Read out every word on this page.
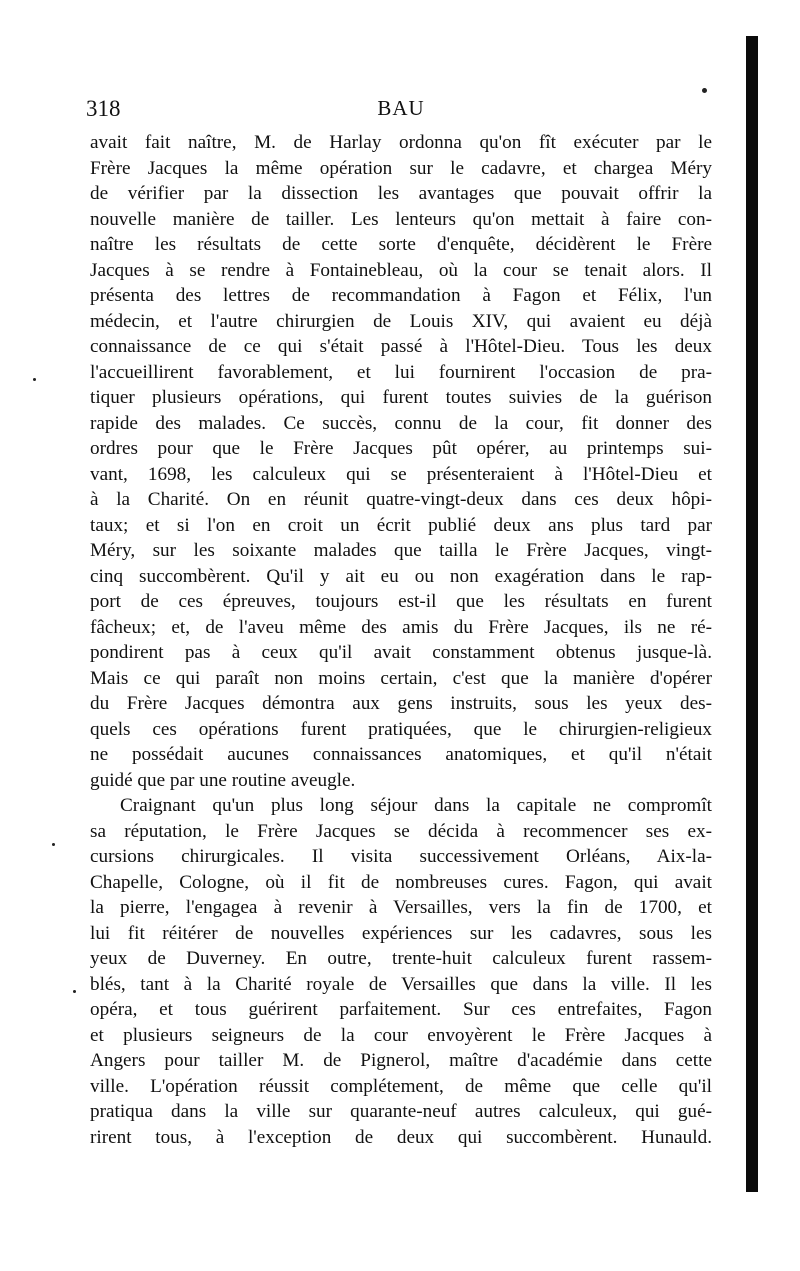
318	BAU
avait fait naître, M. de Harlay ordonna qu'on fît exécuter par le
Frère Jacques la même opération sur le cadavre, et chargea Méry
de vérifier par la dissection les avantages que pouvait offrir la
nouvelle manière de tailler. Les lenteurs qu'on mettait à faire con-
naître les résultats de cette sorte d'enquête, décidèrent le Frère
Jacques à se rendre à Fontainebleau, où la cour se tenait alors. Il
présenta des lettres de recommandation à Fagon et Félix, l'un
médecin, et l'autre chirurgien de Louis XIV, qui avaient eu déjà
connaissance de ce qui s'était passé à l'Hôtel-Dieu. Tous les deux
l'accueillirent favorablement, et lui fournirent l'occasion de pra-
tiquer plusieurs opérations, qui furent toutes suivies de la guérison
rapide des malades. Ce succès, connu de la cour, fit donner des
ordres pour que le Frère Jacques pût opérer, au printemps sui-
vant, 1698, les calculeux qui se présenteraient à l'Hôtel-Dieu et
à la Charité. On en réunit quatre-vingt-deux dans ces deux hôpi-
taux; et si l'on en croit un écrit publié deux ans plus tard par
Méry, sur les soixante malades que tailla le Frère Jacques, vingt-
cinq succombèrent. Qu'il y ait eu ou non exagération dans le rap-
port de ces épreuves, toujours est-il que les résultats en furent
fâcheux; et, de l'aveu même des amis du Frère Jacques, ils ne ré-
pondirent pas à ceux qu'il avait constamment obtenus jusque-là.
Mais ce qui paraît non moins certain, c'est que la manière d'opérer
du Frère Jacques démontra aux gens instruits, sous les yeux des-
quels ces opérations furent pratiquées, que le chirurgien-religieux
ne possédait aucunes connaissances anatomiques, et qu'il n'était
guidé que par une routine aveugle.
Craignant qu'un plus long séjour dans la capitale ne compromît
sa réputation, le Frère Jacques se décida à recommencer ses ex-
cursions chirurgicales. Il visita successivement Orléans, Aix-la-
Chapelle, Cologne, où il fit de nombreuses cures. Fagon, qui avait
la pierre, l'engagea à revenir à Versailles, vers la fin de 1700, et
lui fit réitérer de nouvelles expériences sur les cadavres, sous les
yeux de Duverney. En outre, trente-huit calculeux furent rassem-
blés, tant à la Charité royale de Versailles que dans la ville. Il les
opéra, et tous guérirent parfaitement. Sur ces entrefaites, Fagon
et plusieurs seigneurs de la cour envoyèrent le Frère Jacques à
Angers pour tailler M. de Pignerol, maître d'académie dans cette
ville. L'opération réussit complétement, de même que celle qu'il
pratiqua dans la ville sur quarante-neuf autres calculeux, qui gué-
rirent tous, à l'exception de deux qui succombèrent. Hunauld.
